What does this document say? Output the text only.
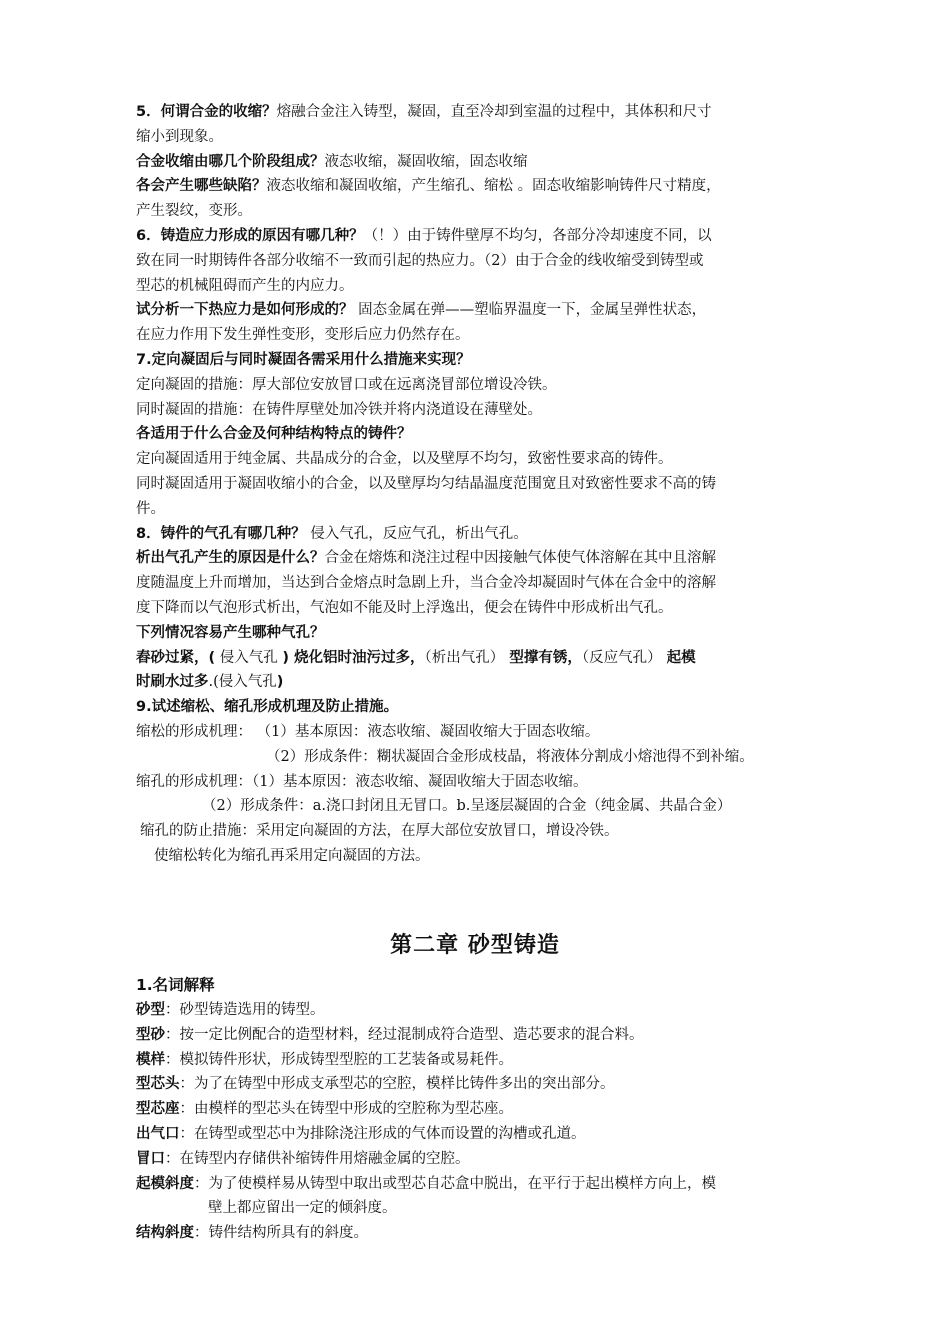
5．何谓合金的收缩？熔融合金注入铸型，凝固，直至冷却到室温的过程中，其体积和尺寸
缩小到现象。
合金收缩由哪几个阶段组成？液态收缩，凝固收缩，固态收缩
各会产生哪些缺陷？液态收缩和凝固收缩，产生缩孔、缩松 。固态收缩影响铸件尺寸精度，
产生裂纹，变形。
6．铸造应力形成的原因有哪几种？（！）由于铸件壁厚不均匀，各部分冷却速度不同，以
致在同一时期铸件各部分收缩不一致而引起的热应力。（2）由于合金的线收缩受到铸型或
型芯的机械阻碍而产生的内应力。
试分析一下热应力是如何形成的？ 固态金属在弹——塑临界温度一下，金属呈弹性状态，
在应力作用下发生弹性变形，变形后应力仍然存在。
7.定向凝固后与同时凝固各需采用什么措施来实现？
定向凝固的措施：厚大部位安放冒口或在远离浇冒部位增设冷铁。
同时凝固的措施：在铸件厚壁处加冷铁并将内浇道设在薄壁处。
各适用于什么合金及何种结构特点的铸件？
定向凝固适用于纯金属、共晶成分的合金，以及壁厚不均匀，致密性要求高的铸件。
同时凝固适用于凝固收缩小的合金，以及壁厚均匀结晶温度范围宽且对致密性要求不高的铸
件。
8．铸件的气孔有哪几种？ 侵入气孔，反应气孔，析出气孔。
析出气孔产生的原因是什么？合金在熔炼和浇注过程中因接触气体使气体溶解在其中且溶解
度随温度上升而增加，当达到合金熔点时急剧上升，当合金冷却凝固时气体在合金中的溶解
度下降而以气泡形式析出，气泡如不能及时上浮逸出，便会在铸件中形成析出气孔。
下列情况容易产生哪种气孔？
舂砂过紧，( 侵入气孔 ) 烧化铝时油污过多，（析出气孔） 型撑有锈，（反应气孔） 起模
时刷水过多.(侵入气孔)
9.试述缩松、缩孔形成机理及防止措施。
缩松的形成机理： （1）基本原因：液态收缩、凝固收缩大于固态收缩。
（2）形成条件：糊状凝固合金形成枝晶，将液体分割成小熔池得不到补缩。
缩孔的形成机理：（1）基本原因：液态收缩、凝固收缩大于固态收缩。
（2）形成条件：a.浇口封闭且无冒口。b.呈逐层凝固的合金（纯金属、共晶合金）
缩孔的防止措施：采用定向凝固的方法，在厚大部位安放冒口，增设冷铁。
使缩松转化为缩孔再采用定向凝固的方法。
第二章 砂型铸造
1.名词解释
砂型：砂型铸造选用的铸型。
型砂：按一定比例配合的造型材料，经过混制成符合造型、造芯要求的混合料。
模样：模拟铸件形状，形成铸型型腔的工艺装备或易耗件。
型芯头：为了在铸型中形成支承型芯的空腔，模样比铸件多出的突出部分。
型芯座：由模样的型芯头在铸型中形成的空腔称为型芯座。
出气口：在铸型或型芯中为排除浇注形成的气体而设置的沟槽或孔道。
冒口：在铸型内存储供补缩铸件用熔融金属的空腔。
起模斜度：为了使模样易从铸型中取出或型芯自芯盒中脱出，在平行于起出模样方向上，模
壁上都应留出一定的倾斜度。
结构斜度：铸件结构所具有的斜度。
